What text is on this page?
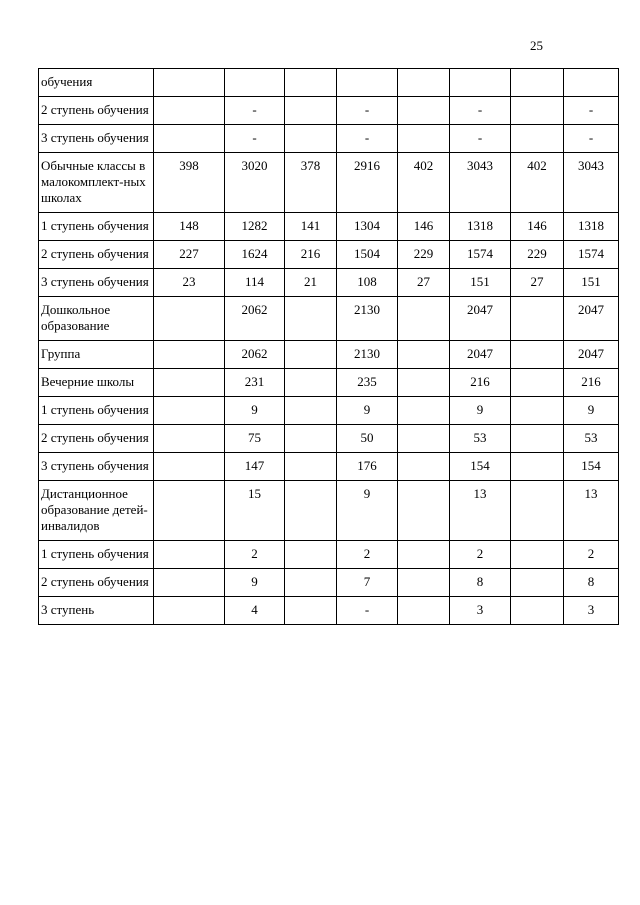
25
обучения								
2 ступень обучения		-		-		-		-
3 ступень обучения		-		-		-		-
Обычные классы в малокомплект-ных школах	398	3020	378	2916	402	3043	402	3043
1 ступень обучения	148	1282	141	1304	146	1318	146	1318
2 ступень обучения	227	1624	216	1504	229	1574	229	1574
3 ступень обучения	23	114	21	108	27	151	27	151
Дошкольное образование		2062		2130		2047		2047
Группа		2062		2130		2047		2047
Вечерние школы		231		235		216		216
1 ступень обучения		9		9		9		9
2 ступень обучения		75		50		53		53
3 ступень обучения		147		176		154		154
Дистанционное образование детей-инвалидов		15		9		13		13
1 ступень обучения		2		2		2		2
2 ступень обучения		9		7		8		8
3 ступень		4		-		3		3
